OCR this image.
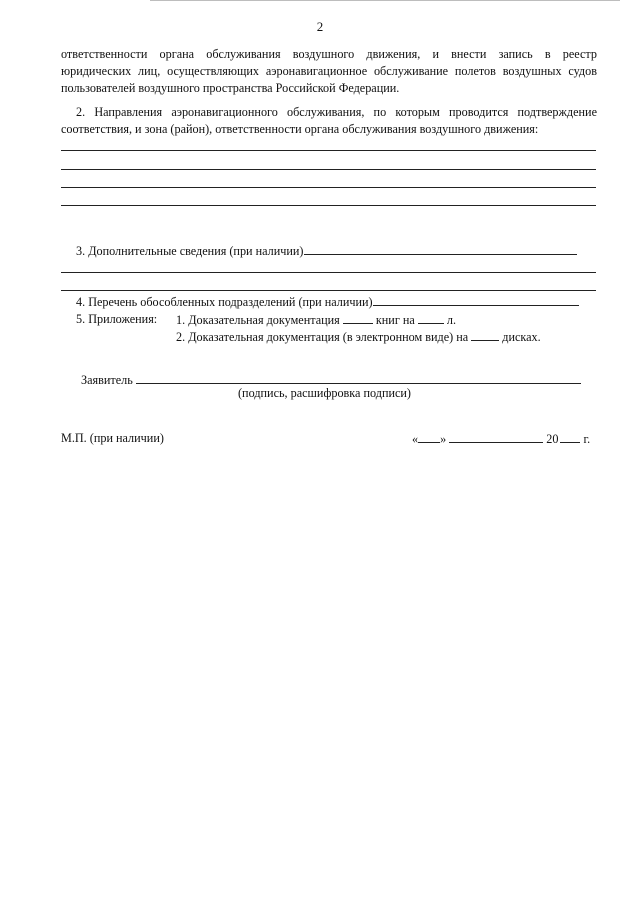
2
ответственности органа обслуживания воздушного движения, и внести запись в реестр
юридических лиц, осуществляющих аэронавигационное обслуживание полетов воздушных судов
пользователей воздушного пространства Российской Федерации.
2. Направления аэронавигационного обслуживания, по которым проводится подтверждение
соответствия, и зона (район), ответственности органа обслуживания воздушного движения:
3. Дополнительные сведения (при наличии)
4. Перечень обособленных подразделений (при наличии)
5. Приложения: 1. Доказательная документация	книг на	л.
2. Доказательная документация (в электронном виде) на	дисках.
Заявитель
(подпись, расшифровка подписи)
М.П. (при наличии)	« »	20 г.
